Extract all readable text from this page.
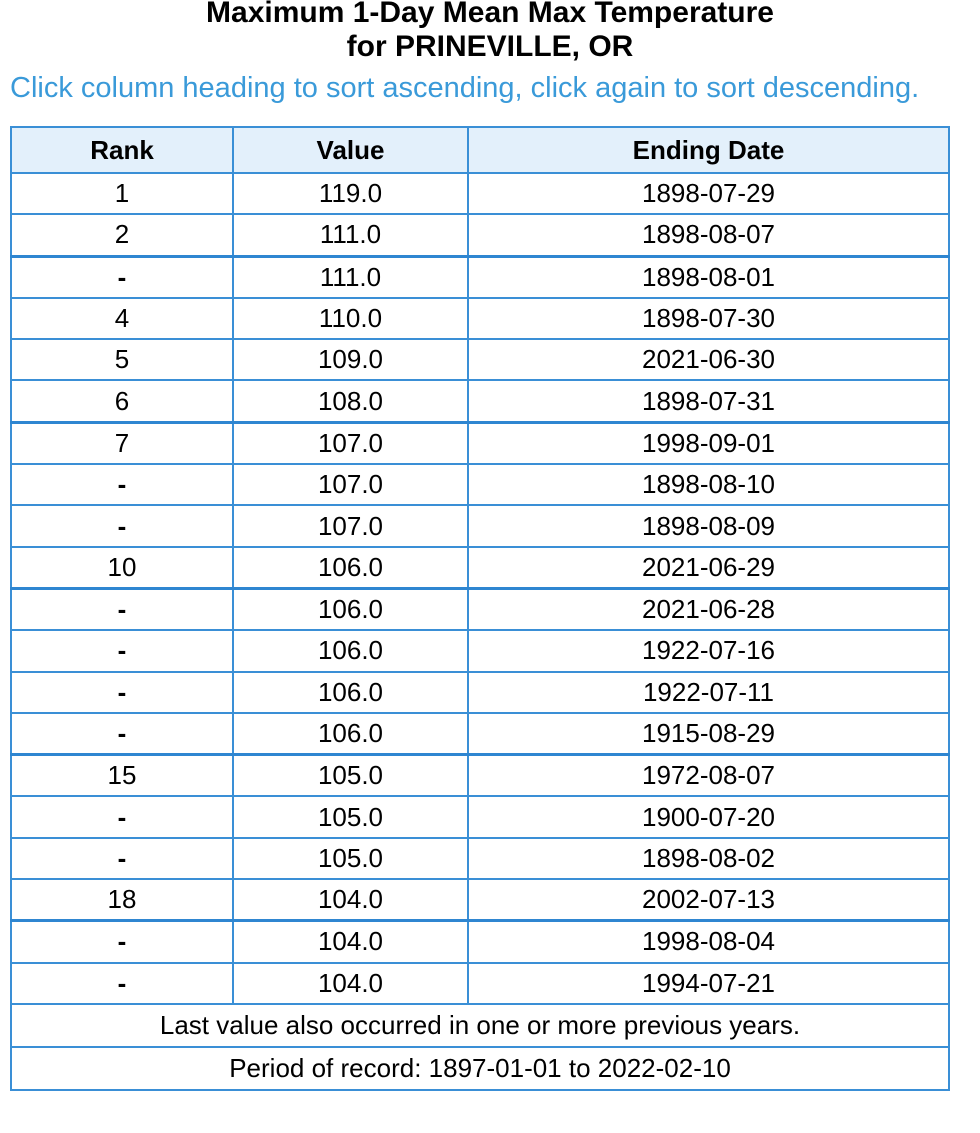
Maximum 1-Day Mean Max Temperature
for PRINEVILLE, OR

Click column heading to sort ascending, click again to sort descending.

Rank	Value	Ending Date
1	119.0	1898-07-29
2	111.0	1898-08-07
-	111.0	1898-08-01
4	110.0	1898-07-30
5	109.0	2021-06-30
6	108.0	1898-07-31
7	107.0	1998-09-01
-	107.0	1898-08-10
-	107.0	1898-08-09
10	106.0	2021-06-29
-	106.0	2021-06-28
-	106.0	1922-07-16
-	106.0	1922-07-11
-	106.0	1915-08-29
15	105.0	1972-08-07
-	105.0	1900-07-20
-	105.0	1898-08-02
18	104.0	2002-07-13
-	104.0	1998-08-04
-	104.0	1994-07-21
Last value also occurred in one or more previous years.		
Period of record: 1897-01-01 to 2022-02-10		
